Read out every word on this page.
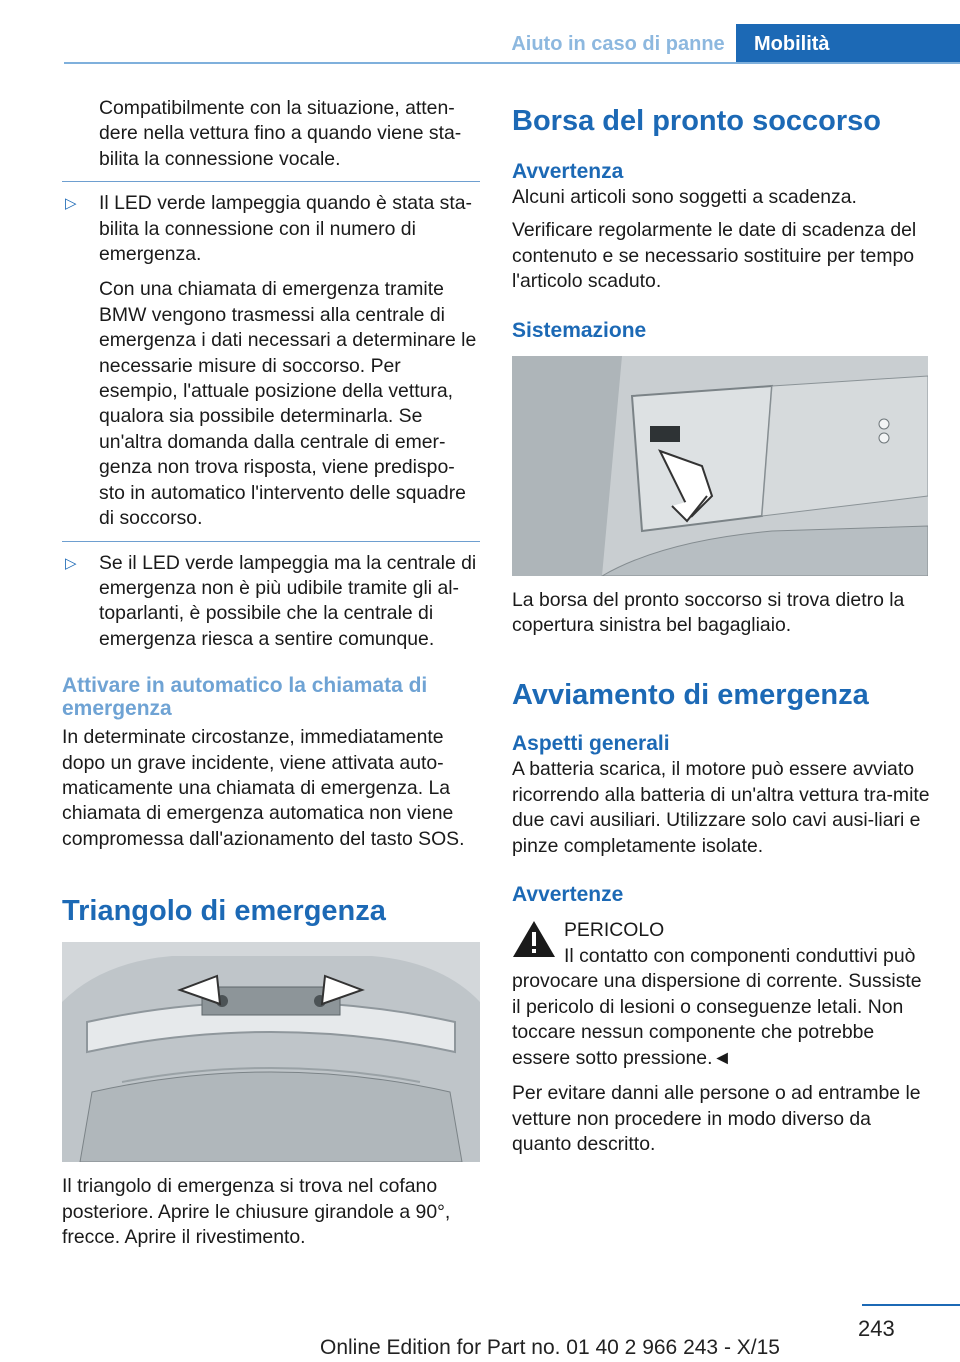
Aiuto in caso di panne	Mobilità

Compatibilmente con la situazione, atten-dere nella vettura fino a quando viene sta-bilita la connessione vocale.

▷	Il LED verde lampeggia quando è stata sta-bilita la connessione con il numero di emergenza.

Con una chiamata di emergenza tramite BMW vengono trasmessi alla centrale di emergenza i dati necessari a determinare le necessarie misure di soccorso. Per esempio, l'attuale posizione della vettura, qualora sia possibile determinarla. Se un'altra domanda dalla centrale di emer-genza non trova risposta, viene predispo-sto in automatico l'intervento delle squadre di soccorso.

▷	Se il LED verde lampeggia ma la centrale di emergenza non è più udibile tramite gli al-toparlanti, è possibile che la centrale di emergenza riesca a sentire comunque.

Attivare in automatico la chiamata di emergenza

In determinate circostanze, immediatamente dopo un grave incidente, viene attivata auto-maticamente una chiamata di emergenza. La chiamata di emergenza automatica non viene compromessa dall'azionamento del tasto SOS.

Triangolo di emergenza

Il triangolo di emergenza si trova nel cofano posteriore. Aprire le chiusure girandole a 90°, frecce. Aprire il rivestimento.

Borsa del pronto soccorso
Avvertenza

Alcuni articoli sono soggetti a scadenza.

Verificare regolarmente le date di scadenza del contenuto e se necessario sostituire per tempo l'articolo scaduto.

Sistemazione

La borsa del pronto soccorso si trova dietro la copertura sinistra bel bagagliaio.

Avviamento di emergenza
Aspetti generali

A batteria scarica, il motore può essere avviato ricorrendo alla batteria di un'altra vettura tra-mite due cavi ausiliari. Utilizzare solo cavi ausi-liari e pinze completamente isolate.

Avvertenze

PERICOLO

Il contatto con componenti conduttivi può provocare una dispersione di corrente. Sussiste il pericolo di lesioni o conseguenze letali. Non toccare nessun componente che potrebbe essere sotto pressione.◄

Per evitare danni alle persone o ad entrambe le vetture non procedere in modo diverso da quanto descritto.

243
Online Edition for Part no. 01 40 2 966 243 - X/15
